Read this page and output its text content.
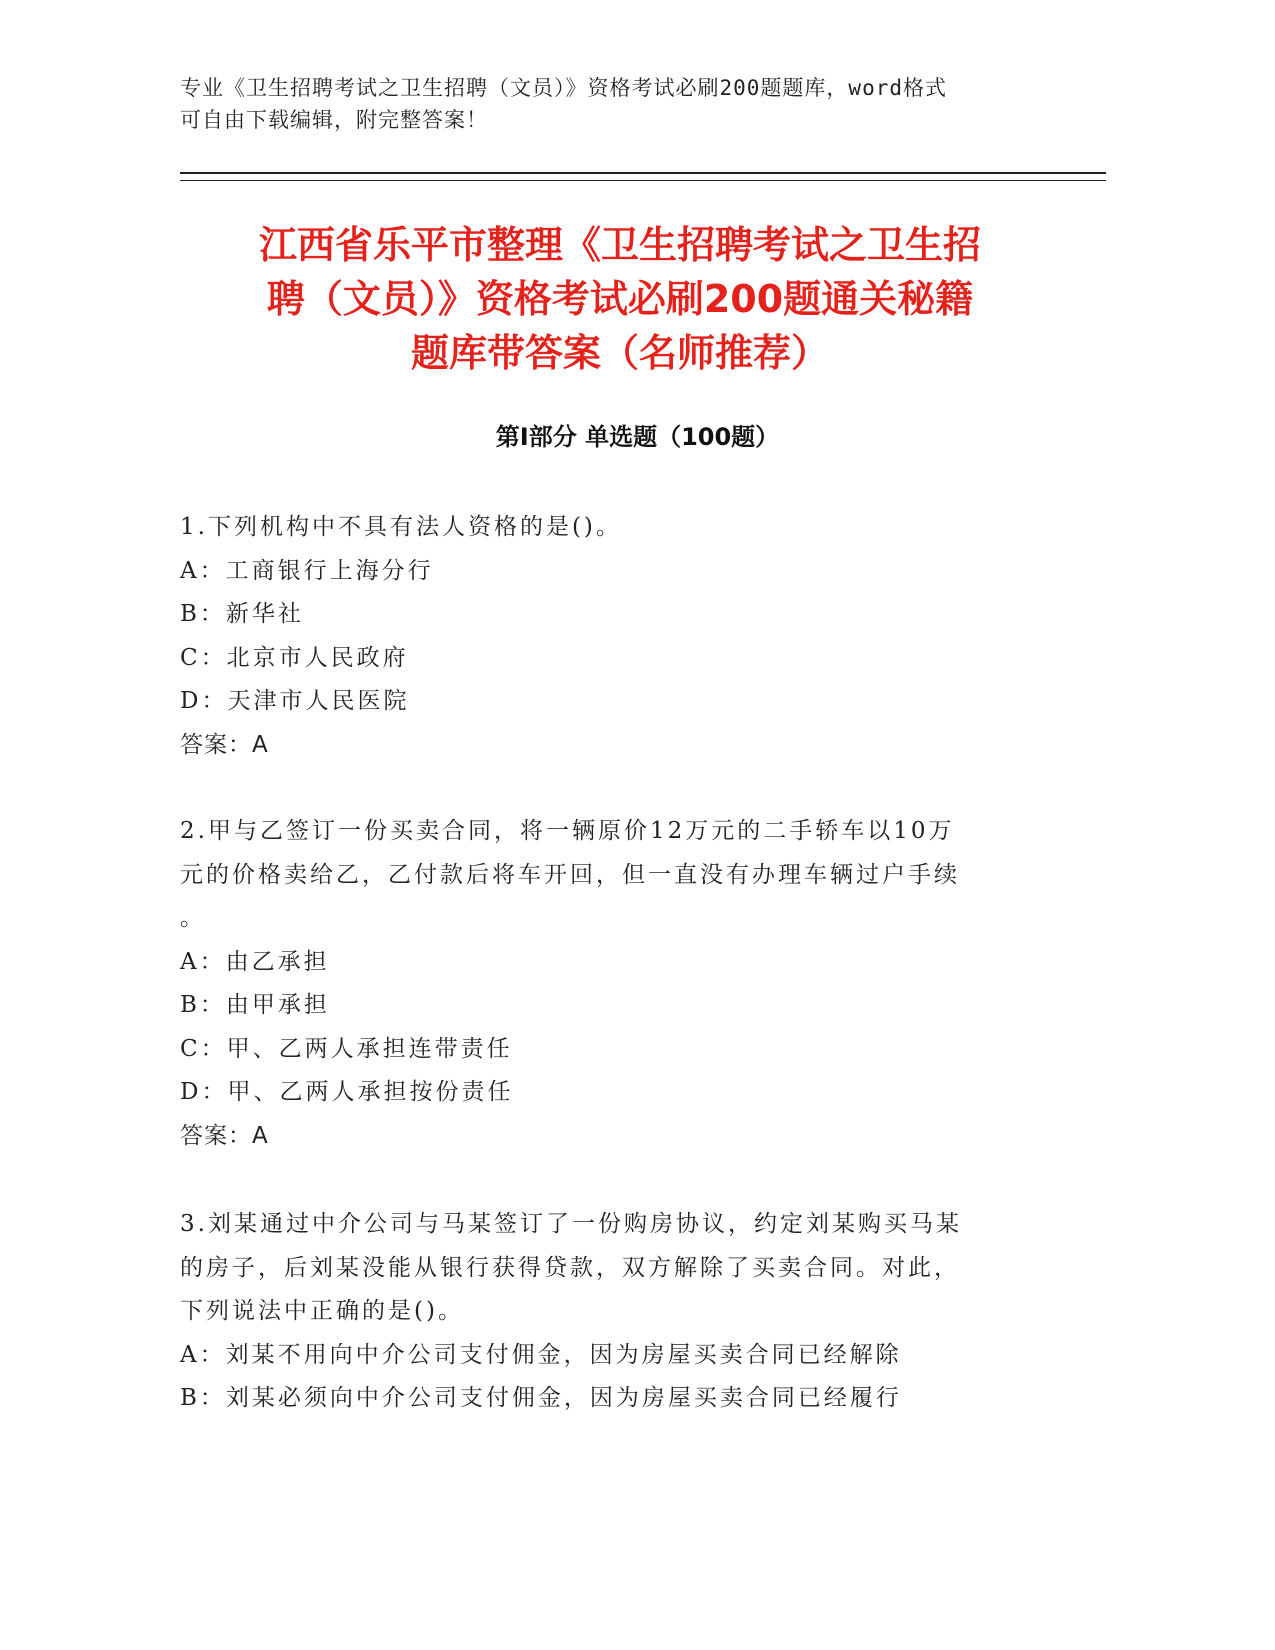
专业《卫生招聘考试之卫生招聘（文员）》资格考试必刷200题题库，word格式
可自由下载编辑，附完整答案！
江西省乐平市整理《卫生招聘考试之卫生招
聘（文员）》资格考试必刷200题通关秘籍
题库带答案（名师推荐）
第Ⅰ部分 单选题（100题）
1.下列机构中不具有法人资格的是()。
A：工商银行上海分行
B：新华社
C：北京市人民政府
D：天津市人民医院
答案：A
2.甲与乙签订一份买卖合同，将一辆原价12万元的二手轿车以10万
元的价格卖给乙，乙付款后将车开回，但一直没有办理车辆过户手续
。
A：由乙承担
B：由甲承担
C：甲、乙两人承担连带责任
D：甲、乙两人承担按份责任
答案：A
3.刘某通过中介公司与马某签订了一份购房协议，约定刘某购买马某
的房子，后刘某没能从银行获得贷款，双方解除了买卖合同。对此，
下列说法中正确的是()。
A：刘某不用向中介公司支付佣金，因为房屋买卖合同已经解除
B：刘某必须向中介公司支付佣金，因为房屋买卖合同已经履行
